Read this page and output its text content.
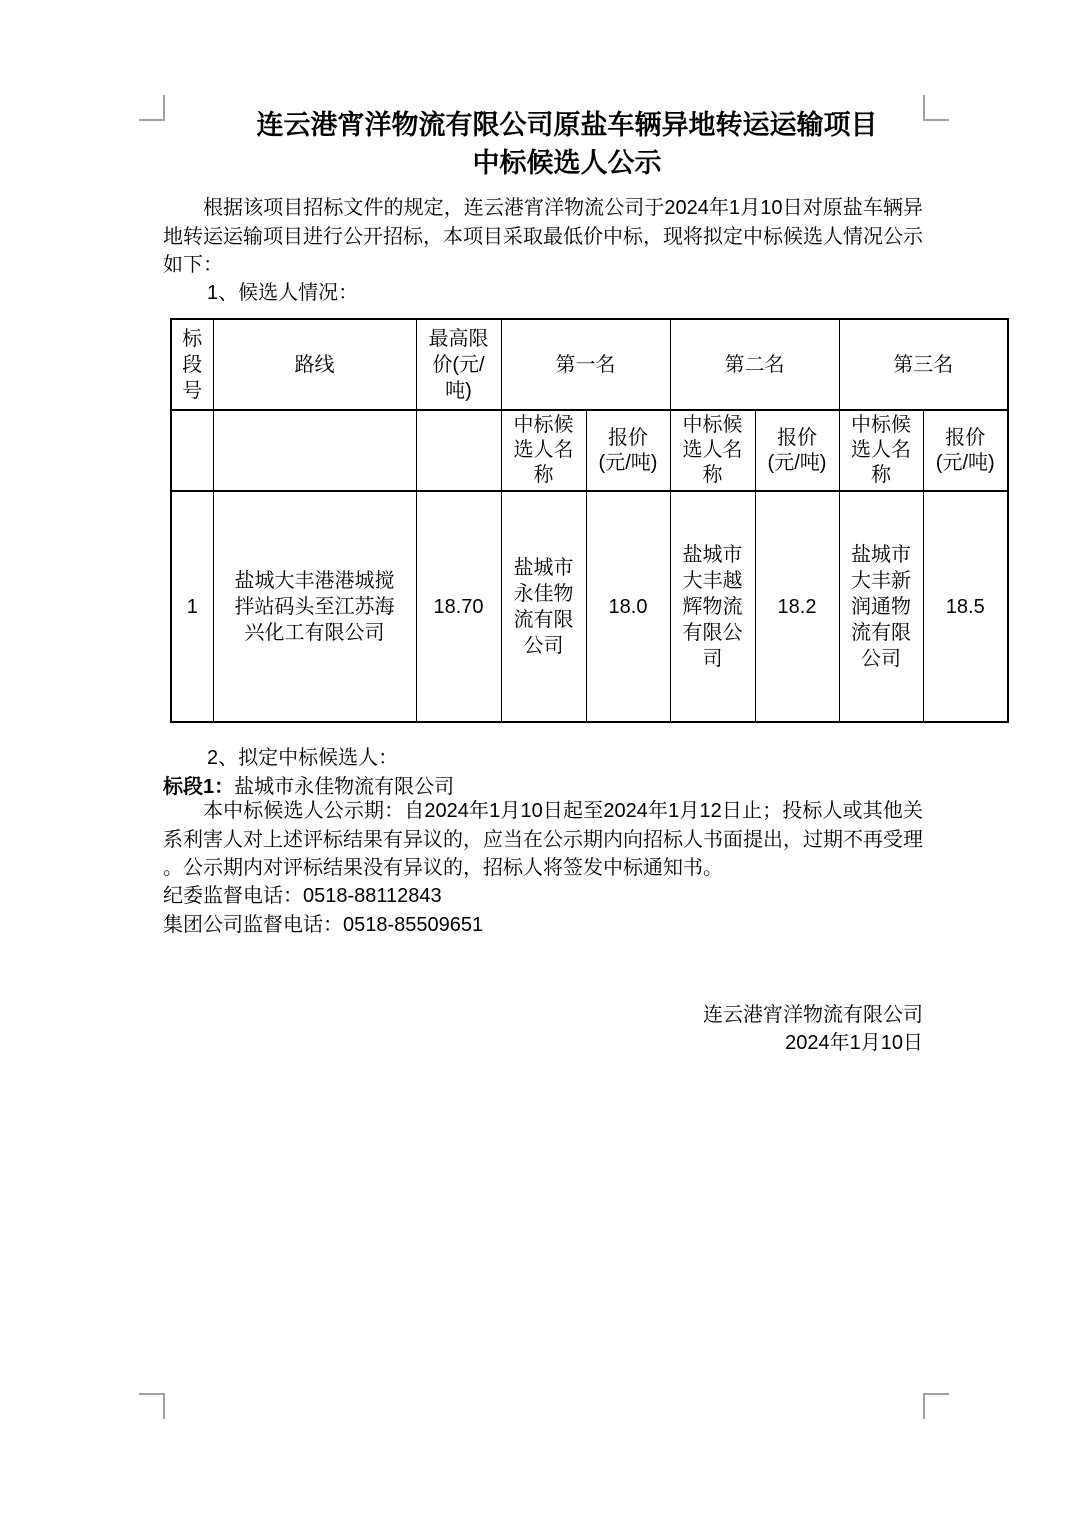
连云港宵洋物流有限公司原盐车辆异地转运运输项目
中标候选人公示
根据该项目招标文件的规定，连云港宵洋物流公司于2024年1月10日对原盐车辆异
地转运运输项目进行公开招标，本项目采取最低价中标，现将拟定中标候选人情况公示
如下：
1、候选人情况：
标段号	路线	最高限价(元/吨)	第一名		第二名		第三名	
			中标候选人名称	报价(元/吨)	中标候选人名称	报价(元/吨)	中标候选人名称	报价(元/吨)
1	盐城大丰港港城搅拌站码头至江苏海兴化工有限公司	18.70	盐城市永佳物流有限公司	18.0	盐城市大丰越辉物流有限公司	18.2	盐城市大丰新润通物流有限公司	18.5
2、拟定中标候选人：
标段1：盐城市永佳物流有限公司
本中标候选人公示期：自2024年1月10日起至2024年1月12日止；投标人或其他关
系利害人对上述评标结果有异议的，应当在公示期内向招标人书面提出，过期不再受理
。公示期内对评标结果没有异议的，招标人将签发中标通知书。
纪委监督电话：0518-88112843
集团公司监督电话：0518-85509651
连云港宵洋物流有限公司
2024年1月10日
